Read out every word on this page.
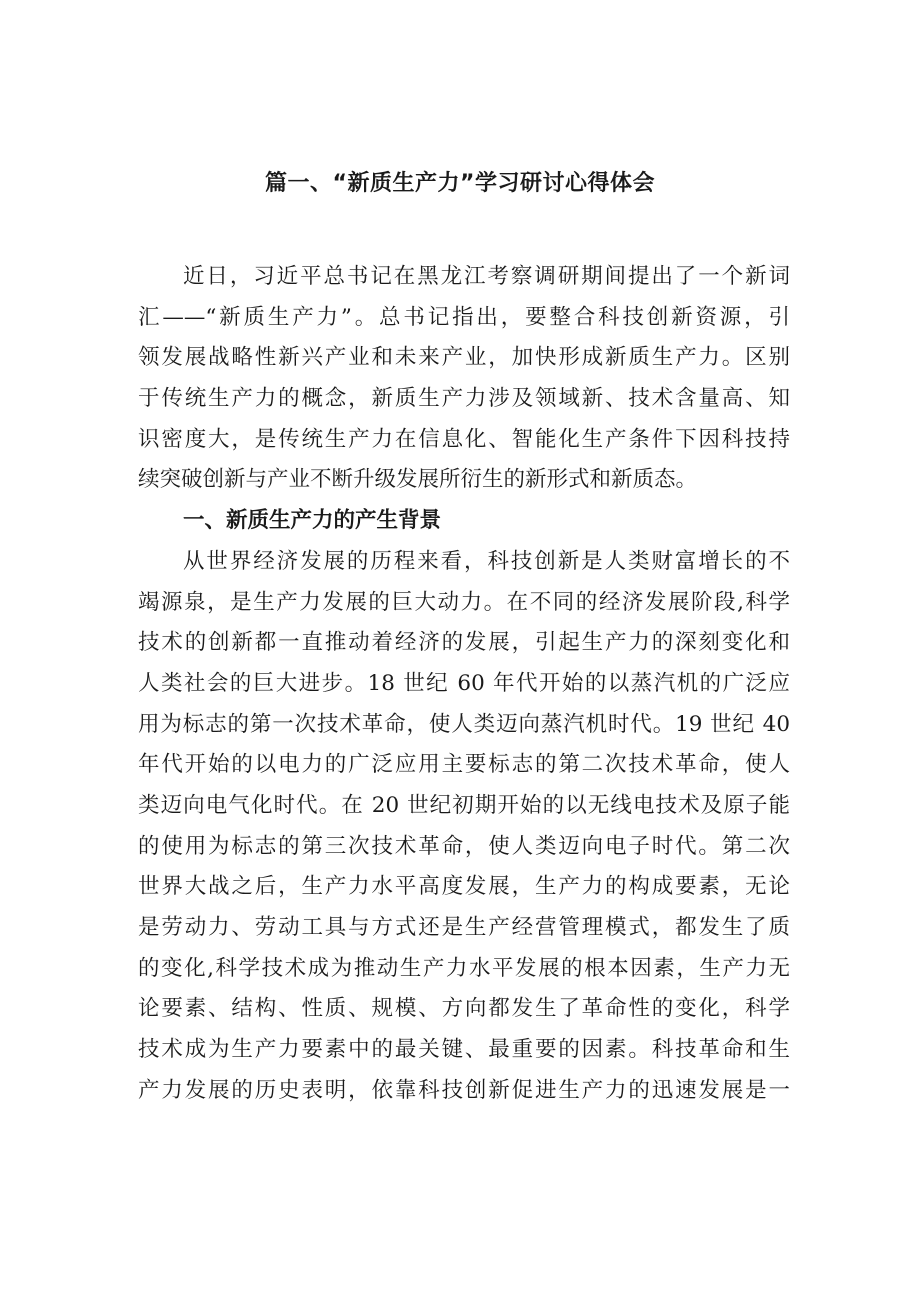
篇一、“新质生产力”学习研讨心得体会
近日，习近平总书记在黑龙江考察调研期间提出了一个新词
汇——“新质生产力”。总书记指出，要整合科技创新资源，引
领发展战略性新兴产业和未来产业，加快形成新质生产力。区别
于传统生产力的概念，新质生产力涉及领域新、技术含量高、知
识密度大，是传统生产力在信息化、智能化生产条件下因科技持
续突破创新与产业不断升级发展所衍生的新形式和新质态。
一、新质生产力的产生背景
从世界经济发展的历程来看，科技创新是人类财富增长的不
竭源泉，是生产力发展的巨大动力。在不同的经济发展阶段,科学
技术的创新都一直推动着经济的发展，引起生产力的深刻变化和
人类社会的巨大进步。18 世纪 60 年代开始的以蒸汽机的广泛应
用为标志的第一次技术革命，使人类迈向蒸汽机时代。19 世纪 40
年代开始的以电力的广泛应用主要标志的第二次技术革命，使人
类迈向电气化时代。在 20 世纪初期开始的以无线电技术及原子能
的使用为标志的第三次技术革命，使人类迈向电子时代。第二次
世界大战之后，生产力水平高度发展，生产力的构成要素，无论
是劳动力、劳动工具与方式还是生产经营管理模式，都发生了质
的变化,科学技术成为推动生产力水平发展的根本因素，生产力无
论要素、结构、性质、规模、方向都发生了革命性的变化，科学
技术成为生产力要素中的最关键、最重要的因素。科技革命和生
产力发展的历史表明，依靠科技创新促进生产力的迅速发展是一
